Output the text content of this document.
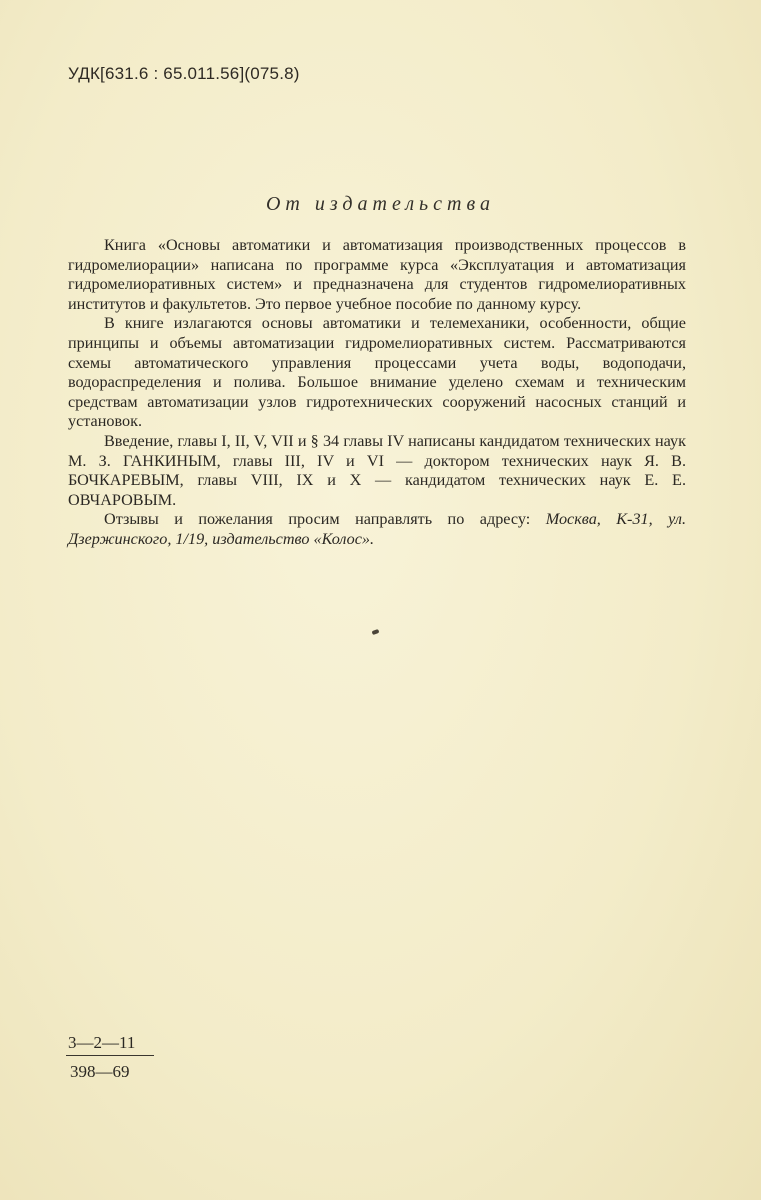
УДК[631.6 : 65.011.56](075.8)
От издательства

Книга «Основы автоматики и автоматизация производственных процессов в гидромелиорации» написана по программе курса «Эксплуатация и автоматизация гидромелиоративных систем» и предназначена для студентов гидромелиоративных институтов и факультетов. Это первое учебное пособие по данному курсу.

В книге излагаются основы автоматики и телемеханики, особенности, общие принципы и объемы автоматизации гидромелиоративных систем. Рассматриваются схемы автоматического управления процессами учета воды, водоподачи, водораспределения и полива. Большое внимание уделено схемам и техническим средствам автоматизации узлов гидротехнических сооружений насосных станций и установок.

Введение, главы I, II, V, VII и § 34 главы IV написаны кандидатом технических наук М. З. ГАНКИНЫМ, главы III, IV и VI — доктором технических наук Я. В. БОЧКАРЕВЫМ, главы VIII, IX и X — кандидатом технических наук Е. Е. ОВЧАРОВЫМ.

Отзывы и пожелания просим направлять по адресу: Москва, К-31, ул. Дзержинского, 1/19, издательство «Колос».

3—2—11
398—69
